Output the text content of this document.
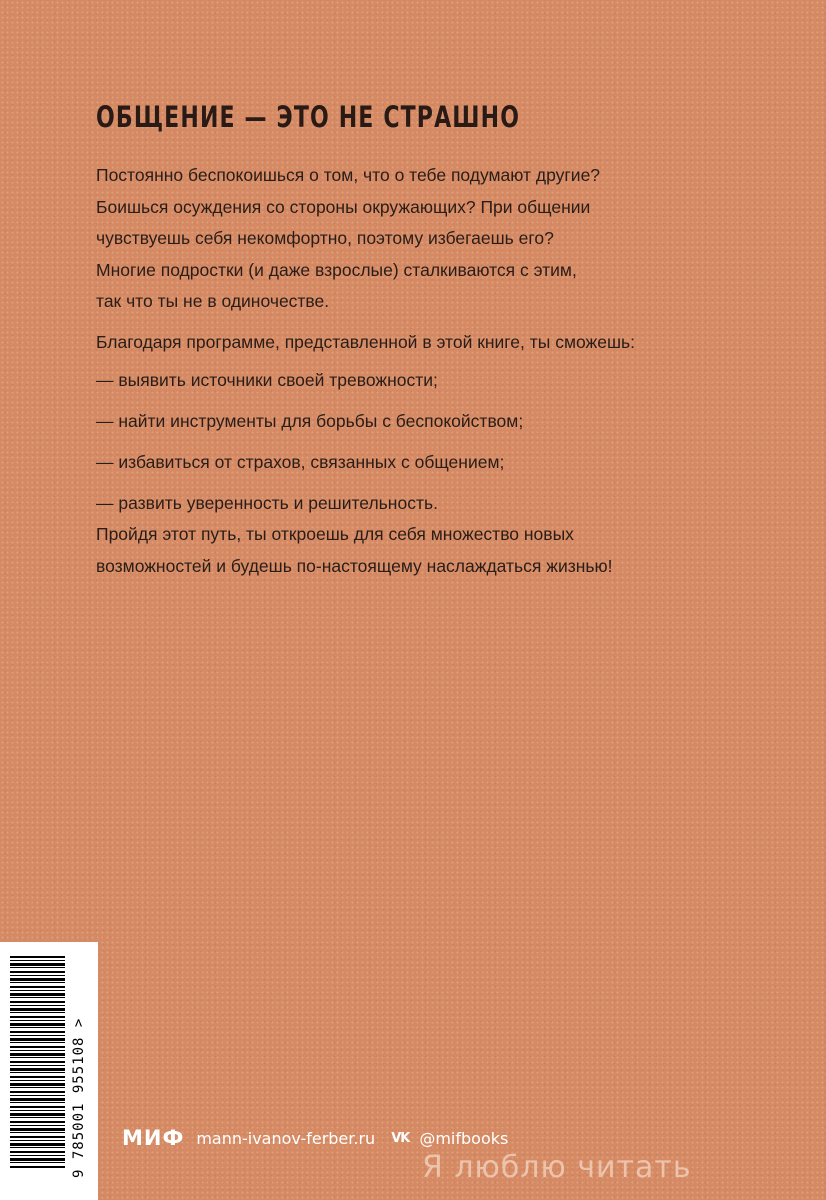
ОБЩЕНИЕ — ЭТО НЕ СТРАШНО
Постоянно беспокоишься о том, что о тебе подумают другие?
Боишься осуждения со стороны окружающих? При общении
чувствуешь себя некомфортно, поэтому избегаешь его?
Многие подростки (и даже взрослые) сталкиваются с этим,
так что ты не в одиночестве.
Благодаря программе, представленной в этой книге, ты сможешь:
— выявить источники своей тревожности;
— найти инструменты для борьбы с беспокойством;
— избавиться от страхов, связанных с общением;
— развить уверенность и решительность.
Пройдя этот путь, ты откроешь для себя множество новых
возможностей и будешь по-настоящему наслаждаться жизнью!
9 785001 955108 > МИФ mann-ivanov-ferber.ru VK @mifbooks
Я люблю читать
